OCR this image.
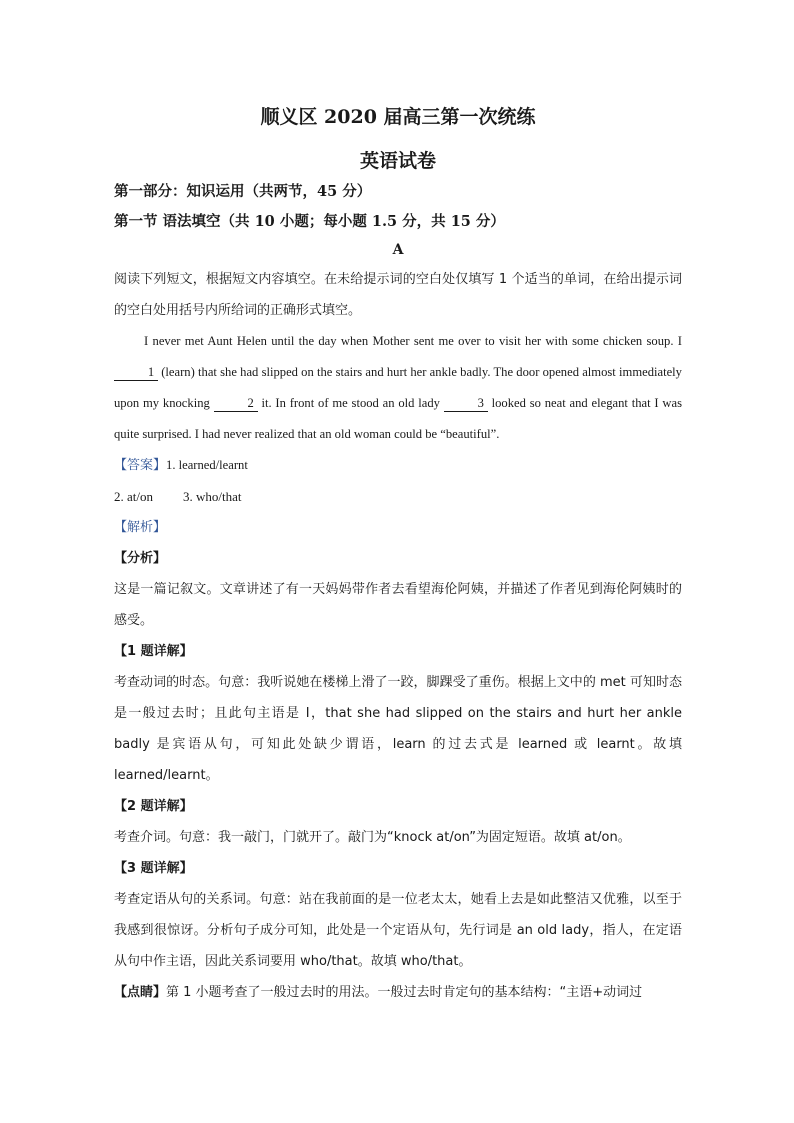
顺义区 2020 届高三第一次统练
英语试卷
第一部分：知识运用（共两节，45 分）
第一节 语法填空（共 10 小题；每小题 1.5 分，共 15 分）
A

阅读下列短文，根据短文内容填空。在未给提示词的空白处仅填写 1 个适当的单词，在给出提示词的空白处用括号内所给词的正确形式填空。

I never met Aunt Helen until the day when Mother sent me over to visit her with some chicken soup. I 1 (learn) that she had slipped on the stairs and hurt her ankle badly. The door opened almost immediately upon my knocking	2 it. In front of me stood an old lady	3 looked so neat and elegant that I was quite surprised. I had never realized that an old woman could be “beautiful”.

【答案】1. learned/learnt
2. at/on 3. who/that
【解析】
【分析】

这是一篇记叙文。文章讲述了有一天妈妈带作者去看望海伦阿姨，并描述了作者见到海伦阿姨时的感受。

【1 题详解】

考查动词的时态。句意：我听说她在楼梯上滑了一跤，脚踝受了重伤。根据上文中的 met 可知时态是一般过去时；且此句主语是 I，that she had slipped on the stairs and hurt her ankle badly 是宾语从句，可知此处缺少谓语，learn 的过去式是 learned 或 learnt。故填 learned/learnt。

【2 题详解】

考查介词。句意：我一敲门，门就开了。敲门为“knock at/on”为固定短语。故填 at/on。

【3 题详解】

考查定语从句的关系词。句意：站在我前面的是一位老太太，她看上去是如此整洁又优雅，以至于我感到很惊讶。分析句子成分可知，此处是一个定语从句，先行词是 an old lady，指人，在定语从句中作主语，因此关系词要用 who/that。故填 who/that。

【点睛】第 1 小题考查了一般过去时的用法。一般过去时肯定句的基本结构：“主语+动词过
